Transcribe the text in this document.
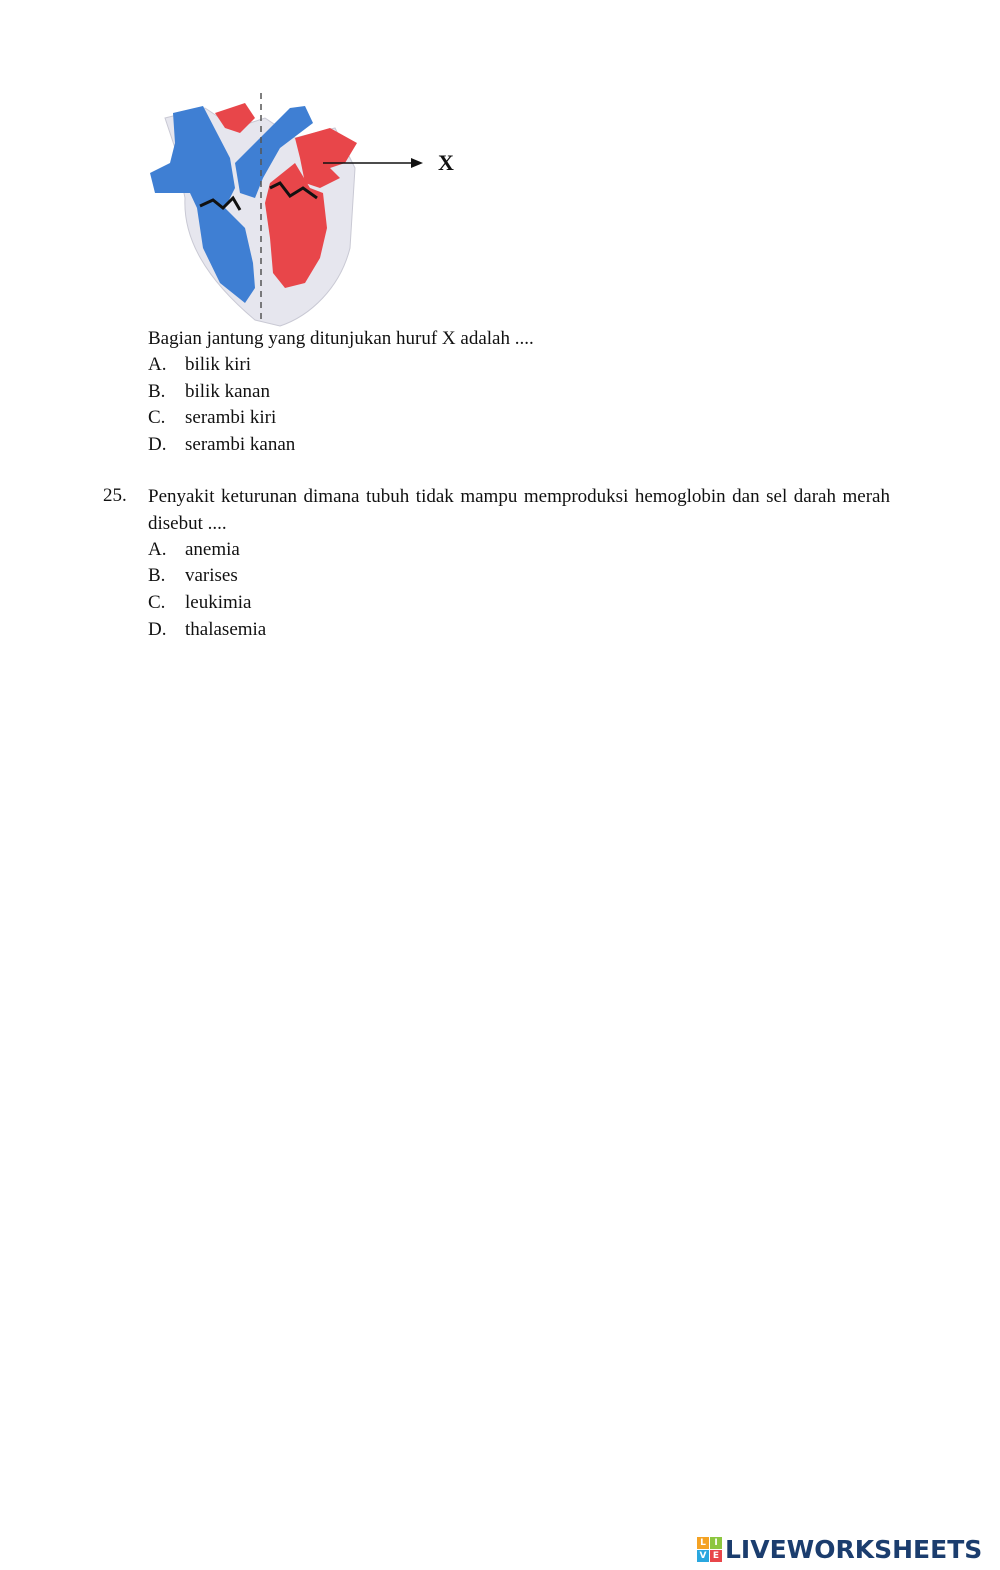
X
Bagian jantung yang ditunjukan huruf X adalah ....
A. bilik kiri
B. bilik kanan
C. serambi kiri
D. serambi kanan
25. Penyakit keturunan dimana tubuh tidak mampu memproduksi hemoglobin dan sel darah merah disebut ....
A. anemia
B. varises
C. leukimia
D. thalasemia
L I
V E LIVEWORKSHEETS
